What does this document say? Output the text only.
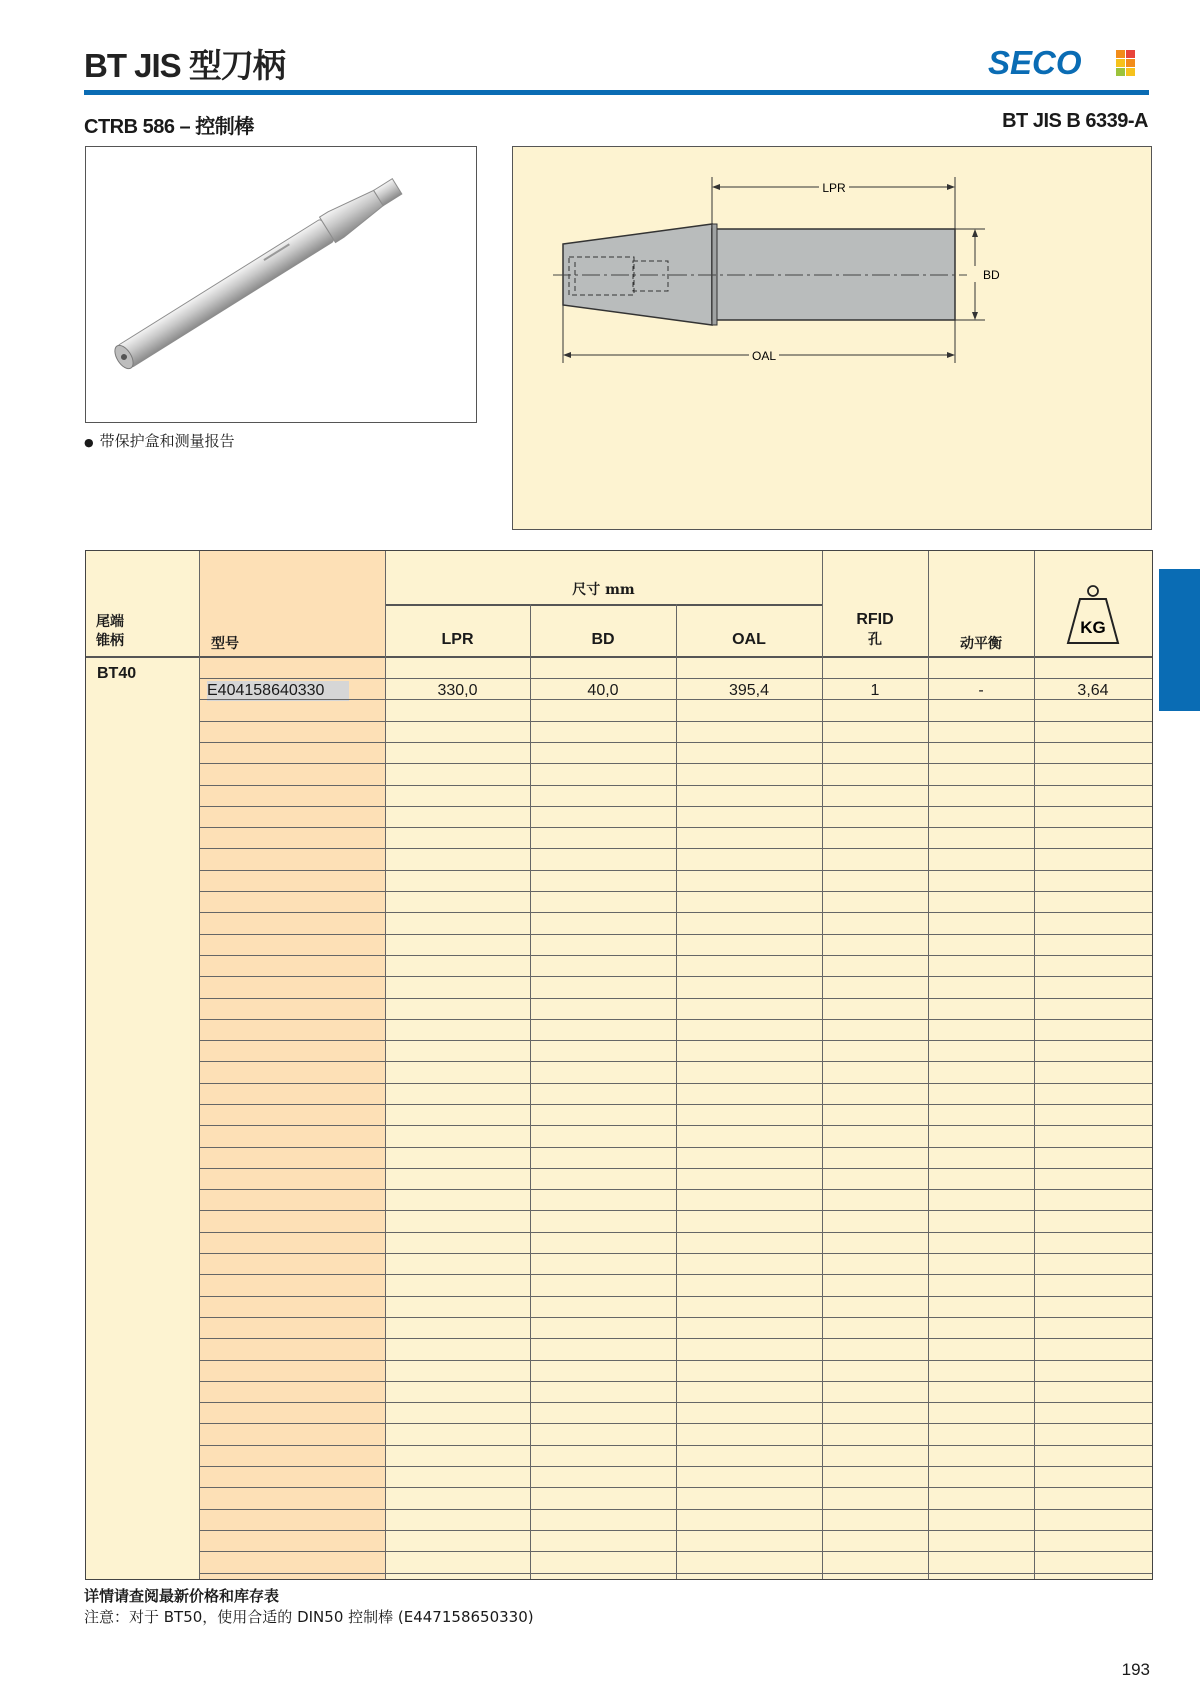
BT JIS 型刀柄	SECO
CTRB 586 – 控制棒	BT JIS B 6339-A
● 带保护盒和测量报告
LPR
BD
OAL
尾端
锥柄	型号
尺寸 mm
LPR	BD	OAL
RFID
孔	动平衡
KG
BT40
E404158640330	330,0	40,0	395,4	1	-	3,64
详情请查阅最新价格和库存表
注意：对于 BT50，使用合适的 DIN50 控制棒 (E447158650330)
193
